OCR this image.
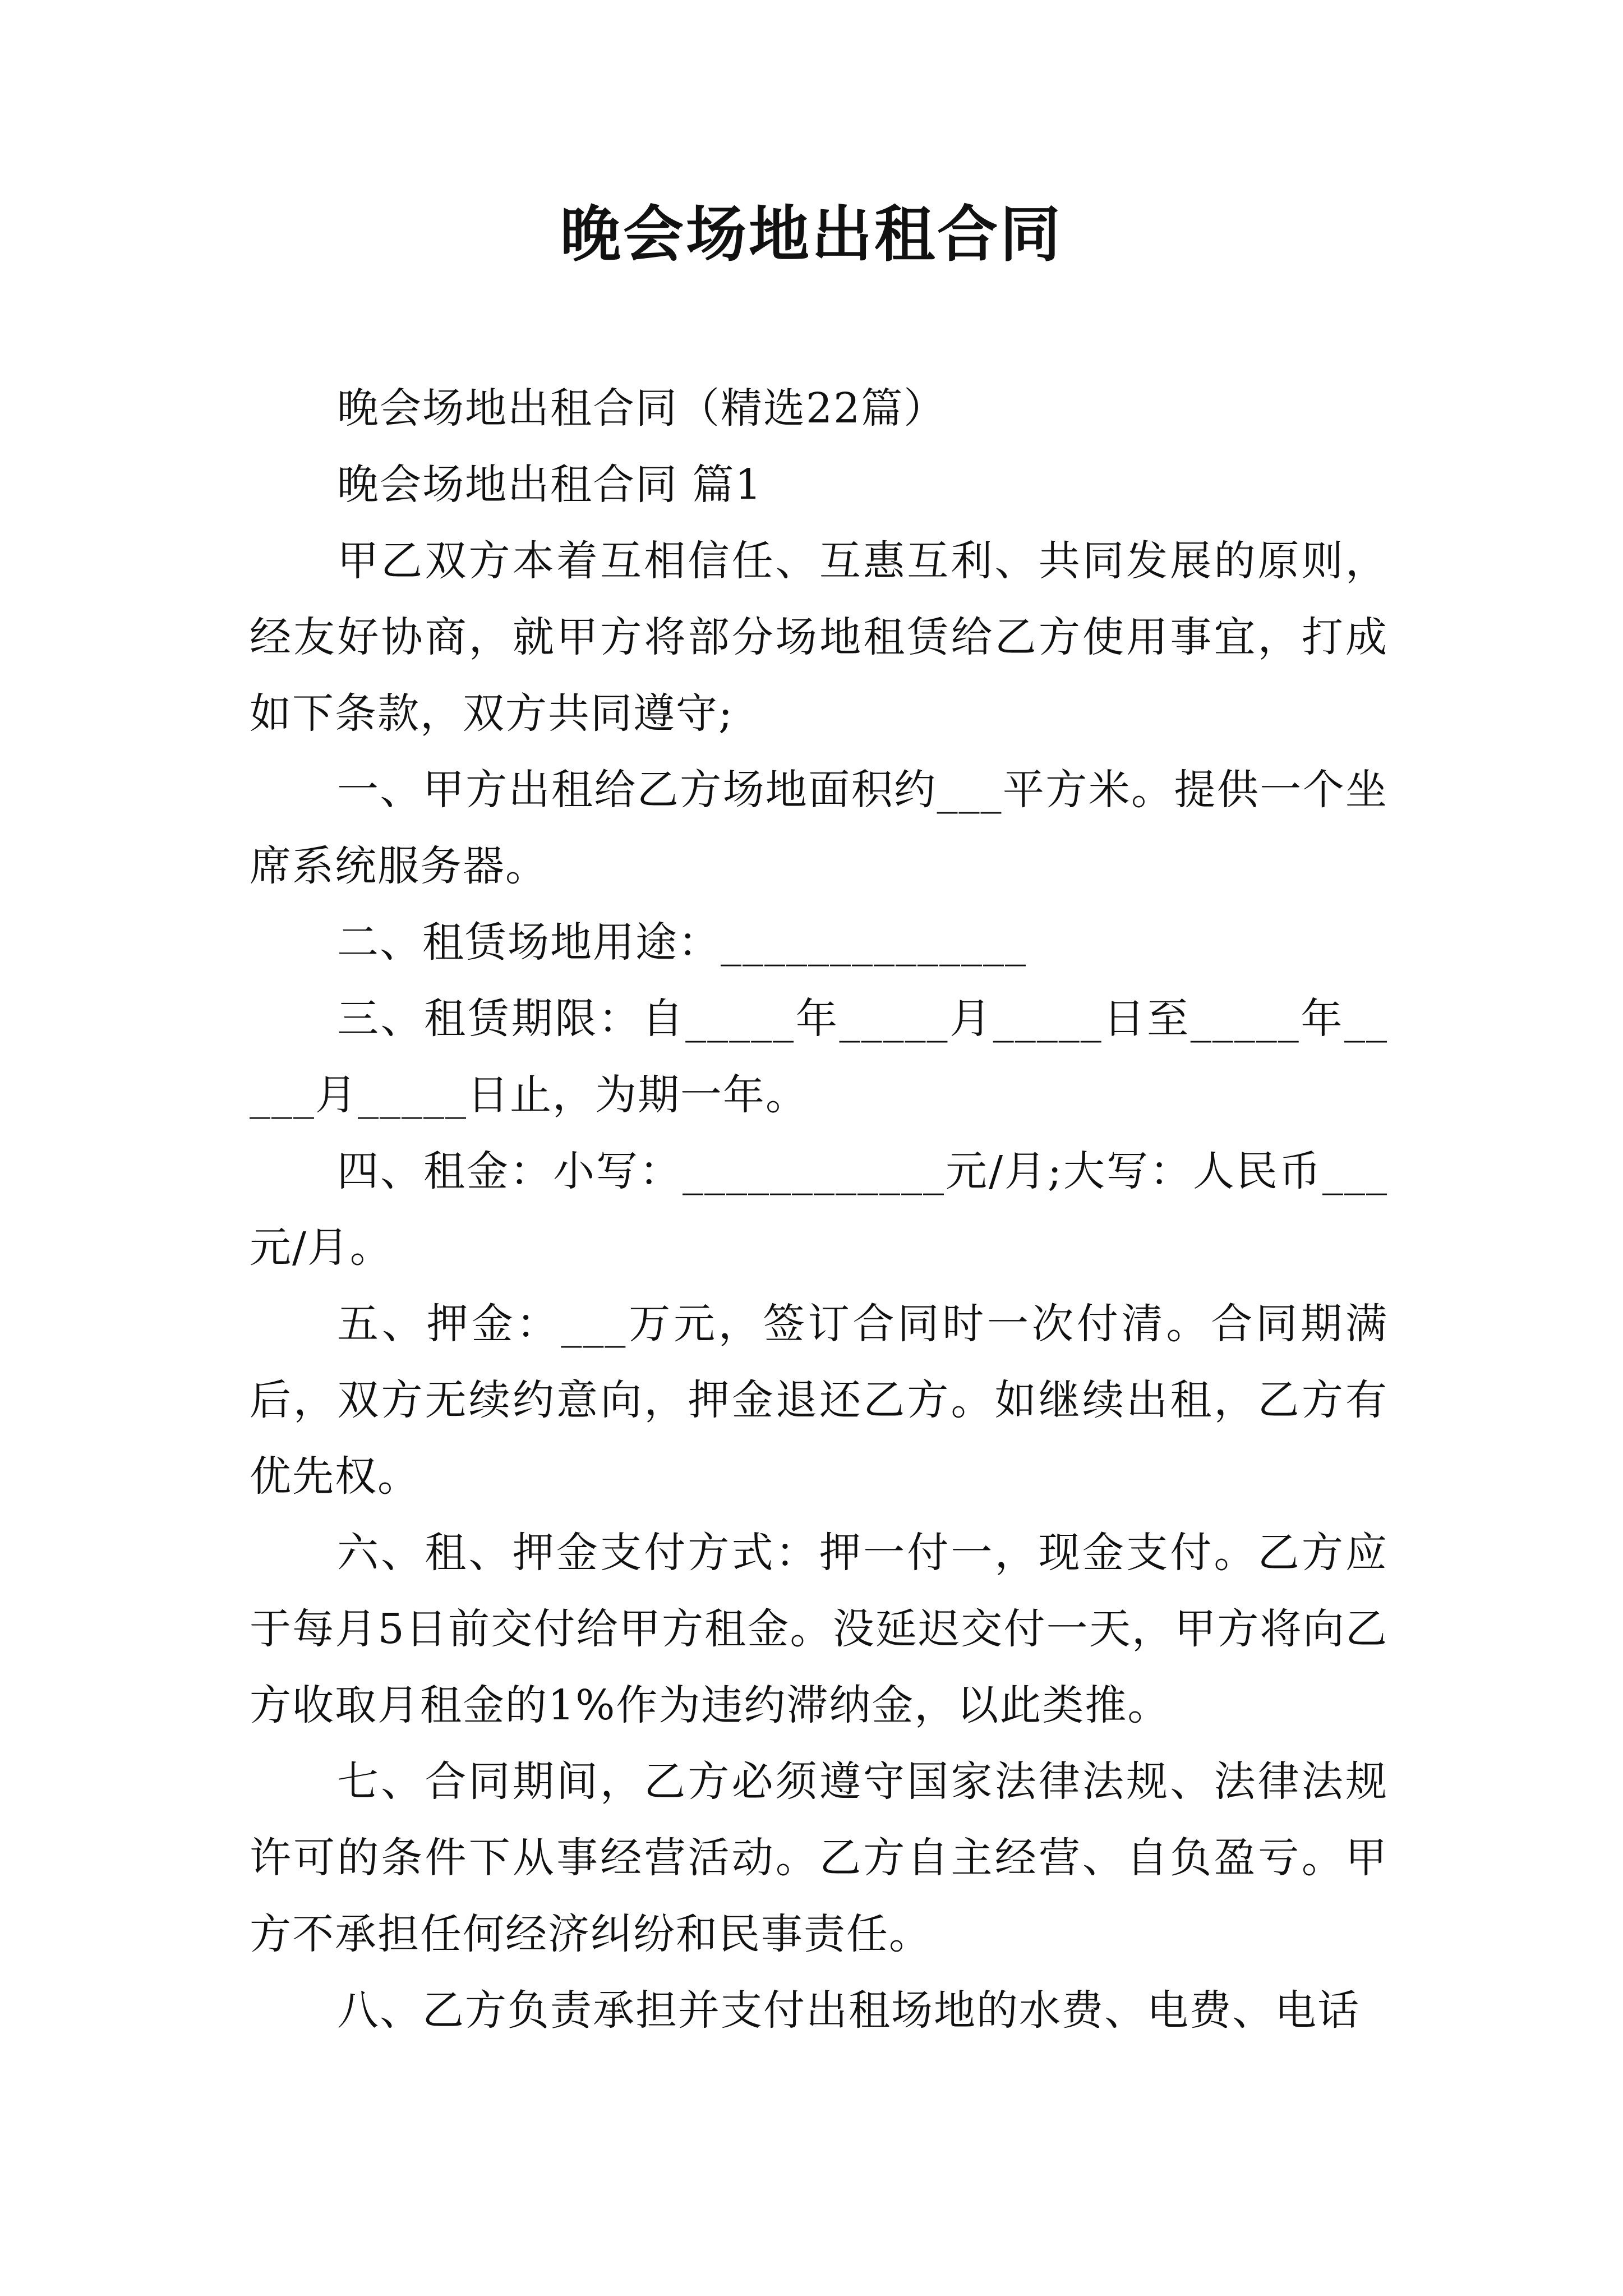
晚会场地出租合同

晚会场地出租合同（精选22篇）

晚会场地出租合同 篇1

甲乙双方本着互相信任、互惠互利、共同发展的原则，经友好协商，就甲方将部分场地租赁给乙方使用事宜，打成如下条款，双方共同遵守;

一、甲方出租给乙方场地面积约___平方米。提供一个坐席系统服务器。

二、租赁场地用途：______________

三、租赁期限：自_____年_____月_____日至_____年_____月_____日止，为期一年。

四、租金：小写：____________元/月;大写：人民币___元/月。

五、押金：___万元，签订合同时一次付清。合同期满后，双方无续约意向，押金退还乙方。如继续出租，乙方有优先权。

六、租、押金支付方式：押一付一，现金支付。乙方应于每月5日前交付给甲方租金。没延迟交付一天，甲方将向乙方收取月租金的1%作为违约滞纳金，以此类推。

七、合同期间，乙方必须遵守国家法律法规、法律法规许可的条件下从事经营活动。乙方自主经营、自负盈亏。甲方不承担任何经济纠纷和民事责任。

八、乙方负责承担并支付出租场地的水费、电费、电话
